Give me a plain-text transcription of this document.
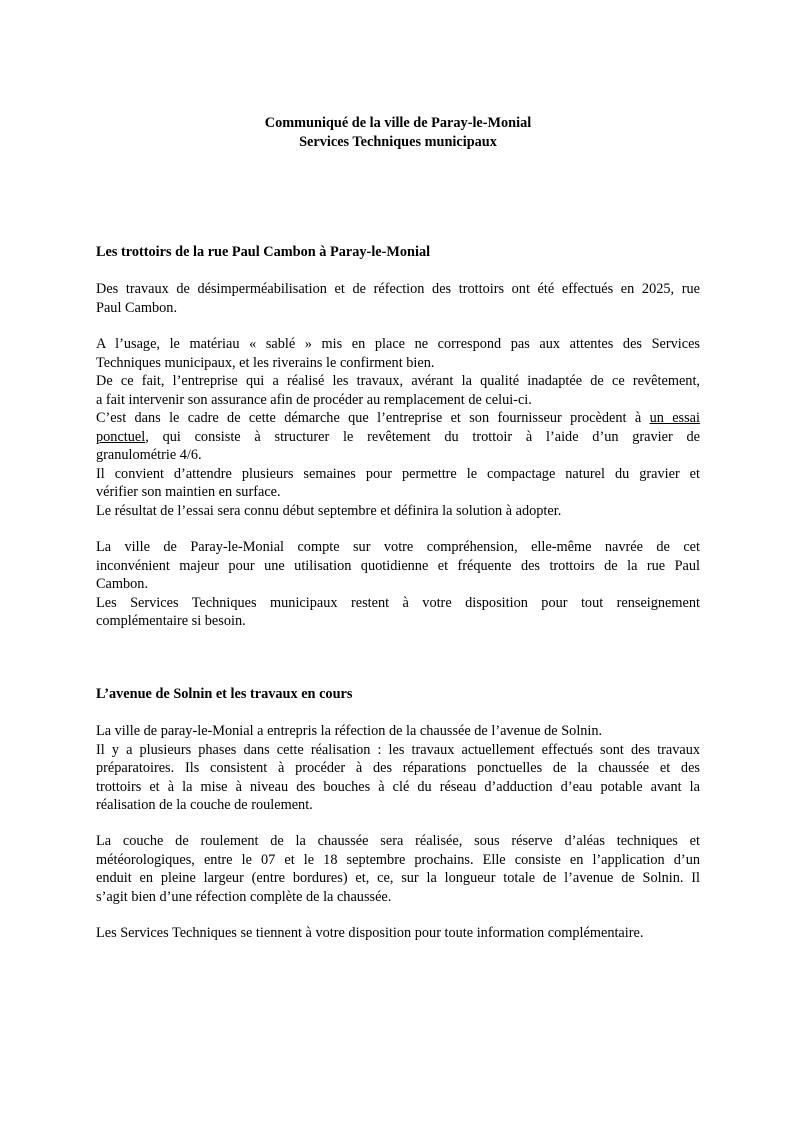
Communiqué de la ville de Paray-le-Monial
Services Techniques municipaux
Les trottoirs de la rue Paul Cambon à Paray-le-Monial
Des travaux de désimperméabilisation et de réfection des trottoirs ont été effectués en 2025, rue
Paul Cambon.
A l’usage, le matériau « sablé » mis en place ne correspond pas aux attentes des Services
Techniques municipaux, et les riverains le confirment bien.
De ce fait, l’entreprise qui a réalisé les travaux, avérant la qualité inadaptée de ce revêtement,
a fait intervenir son assurance afin de procéder au remplacement de celui-ci.
C’est dans le cadre de cette démarche que l’entreprise et son fournisseur procèdent à un essai
ponctuel, qui consiste à structurer le revêtement du trottoir à l’aide d’un gravier de
granulométrie 4/6.
Il convient d’attendre plusieurs semaines pour permettre le compactage naturel du gravier et
vérifier son maintien en surface.
Le résultat de l’essai sera connu début septembre et définira la solution à adopter.
La ville de Paray-le-Monial compte sur votre compréhension, elle-même navrée de cet
inconvénient majeur pour une utilisation quotidienne et fréquente des trottoirs de la rue Paul
Cambon.
Les Services Techniques municipaux restent à votre disposition pour tout renseignement
complémentaire si besoin.
L’avenue de Solnin et les travaux en cours
La ville de paray-le-Monial a entrepris la réfection de la chaussée de l’avenue de Solnin.
Il y a plusieurs phases dans cette réalisation : les travaux actuellement effectués sont des travaux
préparatoires. Ils consistent à procéder à des réparations ponctuelles de la chaussée et des
trottoirs et à la mise à niveau des bouches à clé du réseau d’adduction d’eau potable avant la
réalisation de la couche de roulement.
La couche de roulement de la chaussée sera réalisée, sous réserve d’aléas techniques et
météorologiques, entre le 07 et le 18 septembre prochains. Elle consiste en l’application d’un
enduit en pleine largeur (entre bordures) et, ce, sur la longueur totale de l’avenue de Solnin. Il
s’agit bien d’une réfection complète de la chaussée.
Les Services Techniques se tiennent à votre disposition pour toute information complémentaire.
